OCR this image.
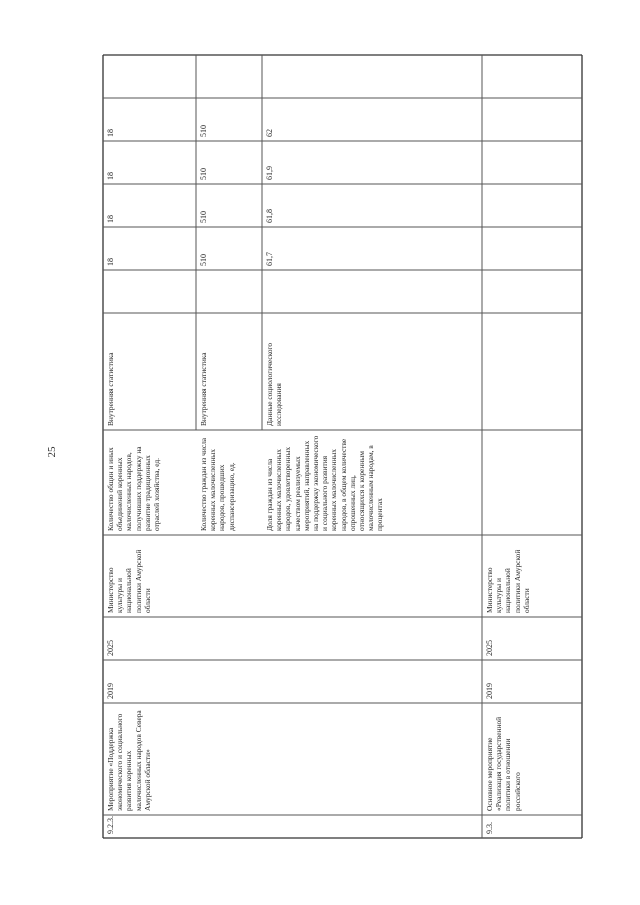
25
9.2.3.
Мероприятие «Поддержка экономического и социального развития коренных малочисленных народов Севера Амурской области»
2019
2025
Министерство культуры и национальной политики Амурской области
Количество общин и иных объединений коренных малочисленных народов, получивших поддержку на развитие традиционных отраслей хозяйства, ед.
Внутренняя статистика
18
18
18
18
Количество граждан из числа коренных малочисленных народов, прошедших диспансеризацию, ед.
Внутренняя статистика
510
510
510
510
Доля граждан из числа коренных малочисленных народов, удовлетворенных качеством реализуемых мероприятий, направленных на поддержку экономического и социального развития коренных малочисленных народов, в общем количестве опрошенных лиц, относящихся к коренным малочисленным народам, в процентах
Данные социологического исследования
61,7
61,8
61,9
62
9.3.
Основное мероприятие «Реализация государственной политики в отношении российского
2019
2025
Министерство культуры и национальной политики Амурской области
